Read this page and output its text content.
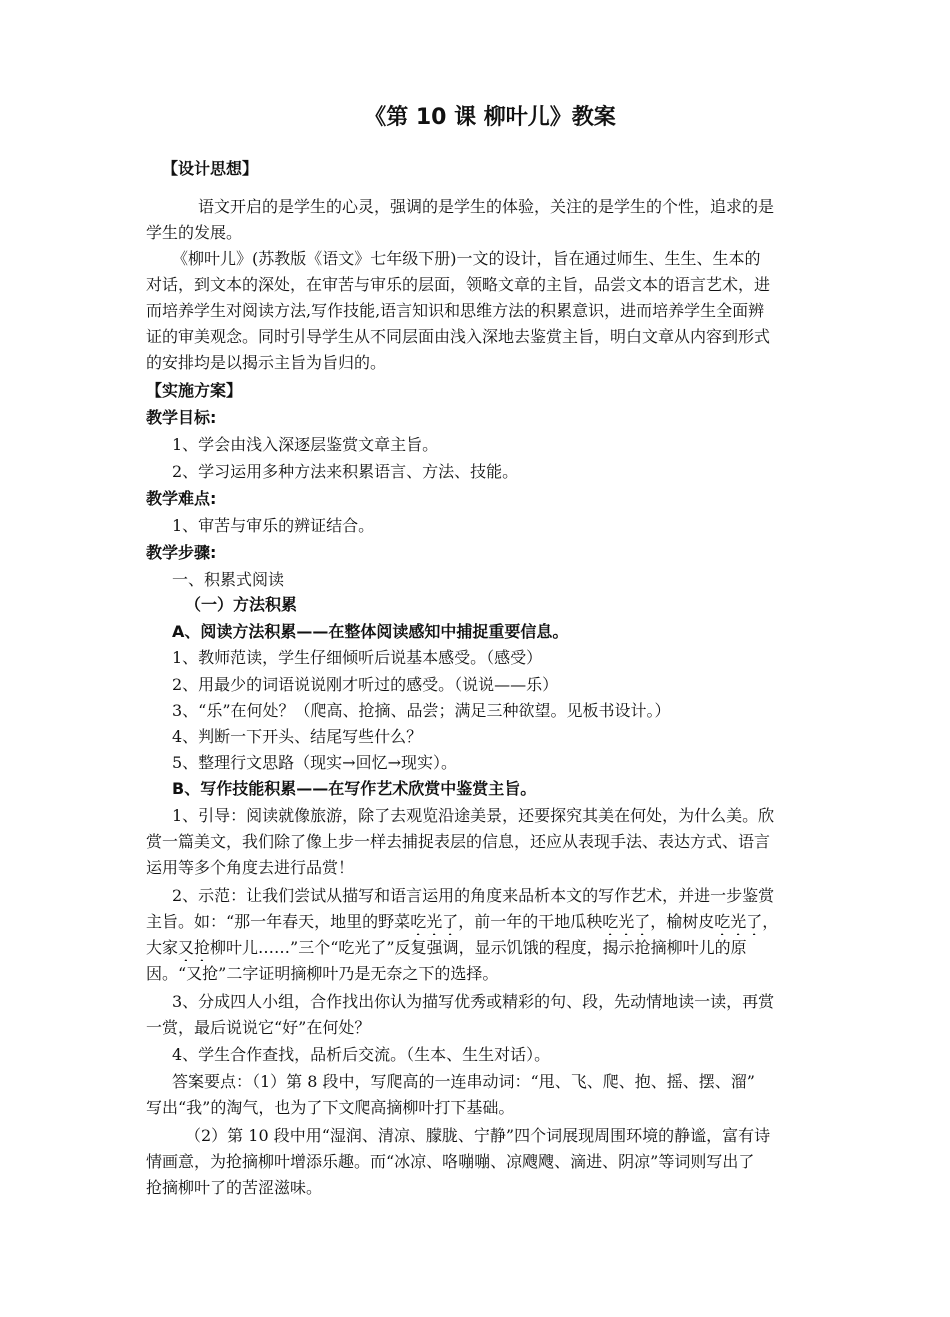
《第 10 课 柳叶儿》教案
【设计思想】
语文开启的是学生的心灵，强调的是学生的体验，关注的是学生的个性，追求的是
学生的发展。
《柳叶儿》(苏教版《语文》七年级下册)一文的设计，旨在通过师生、生生、生本的
对话，到文本的深处，在审苦与审乐的层面，领略文章的主旨，品尝文本的语言艺术，进
而培养学生对阅读方法,写作技能,语言知识和思维方法的积累意识，进而培养学生全面辨
证的审美观念。同时引导学生从不同层面由浅入深地去鉴赏主旨，明白文章从内容到形式
的安排均是以揭示主旨为旨归的。
【实施方案】
教学目标:
1、学会由浅入深逐层鉴赏文章主旨。
2、学习运用多种方法来积累语言、方法、技能。
教学难点:
1、审苦与审乐的辨证结合。
教学步骤:
一、积累式阅读
（一）方法积累
A、阅读方法积累——在整体阅读感知中捕捉重要信息。
1、教师范读，学生仔细倾听后说基本感受。（感受）
2、用最少的词语说说刚才听过的感受。（说说——乐）
3、“乐”在何处？（爬高、抢摘、品尝；满足三种欲望。见板书设计。）
4、判断一下开头、结尾写些什么？
5、整理行文思路（现实→回忆→现实）。
B、写作技能积累——在写作艺术欣赏中鉴赏主旨。
1、引导：阅读就像旅游，除了去观览沿途美景，还要探究其美在何处，为什么美。欣
赏一篇美文，我们除了像上步一样去捕捉表层的信息，还应从表现手法、表达方式、语言
运用等多个角度去进行品赏！
2、示范：让我们尝试从描写和语言运用的角度来品析本文的写作艺术，并进一步鉴赏
主旨。如：“那一年春天，地里的野菜吃光了，前一年的干地瓜秧吃光了，榆树皮吃光了，
大家又抢柳叶儿……”三个“吃光了”反复强调，显示饥饿的程度，揭示抢摘柳叶儿的原
因。“又抢”二字证明摘柳叶乃是无奈之下的选择。
3、分成四人小组，合作找出你认为描写优秀或精彩的句、段，先动情地读一读，再赏
一赏，最后说说它“好”在何处？
4、学生合作查找，品析后交流。（生本、生生对话）。
答案要点：（1）第 8 段中，写爬高的一连串动词：“甩、飞、爬、抱、摇、摆、溜”
写出“我”的淘气，也为了下文爬高摘柳叶打下基础。
（2）第 10 段中用“湿润、清凉、朦胧、宁静”四个词展现周围环境的静谧，富有诗
情画意，为抢摘柳叶增添乐趣。而“冰凉、咯嘣嘣、凉飕飕、滴进、阴凉”等词则写出了
抢摘柳叶了的苦涩滋味。
